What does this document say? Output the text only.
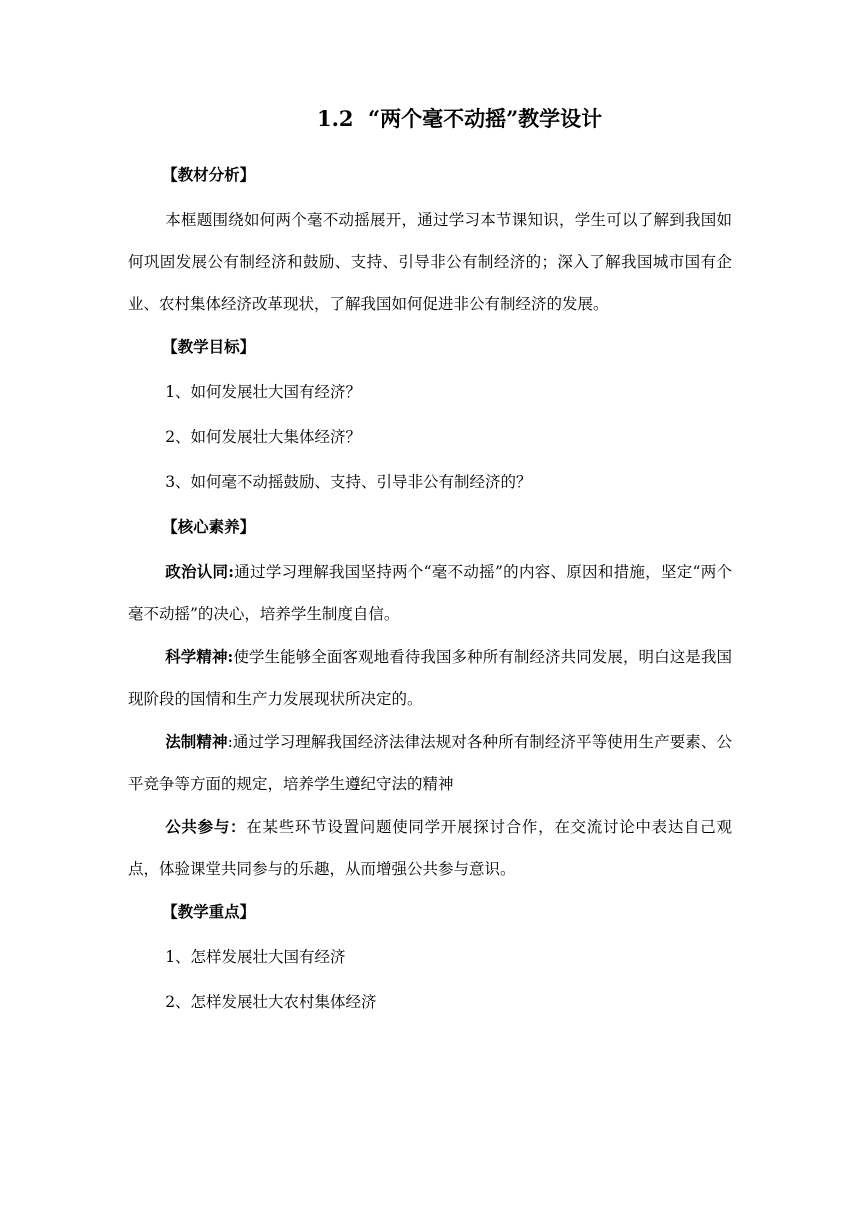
1.2 “两个毫不动摇”教学设计

【教材分析】

本框题围绕如何两个毫不动摇展开，通过学习本节课知识，学生可以了解到我国如何巩固发展公有制经济和鼓励、支持、引导非公有制经济的；深入了解我国城市国有企业、农村集体经济改革现状，了解我国如何促进非公有制经济的发展。

【教学目标】

1、如何发展壮大国有经济？

2、如何发展壮大集体经济？

3、如何毫不动摇鼓励、支持、引导非公有制经济的？

【核心素养】

政治认同:通过学习理解我国坚持两个“毫不动摇”的内容、原因和措施，坚定“两个毫不动摇”的决心，培养学生制度自信。

科学精神:使学生能够全面客观地看待我国多种所有制经济共同发展，明白这是我国现阶段的国情和生产力发展现状所决定的。

法制精神:通过学习理解我国经济法律法规对各种所有制经济平等使用生产要素、公平竞争等方面的规定，培养学生遵纪守法的精神

公共参与：在某些环节设置问题使同学开展探讨合作，在交流讨论中表达自己观点，体验课堂共同参与的乐趣，从而增强公共参与意识。

【教学重点】

1、怎样发展壮大国有经济

2、怎样发展壮大农村集体经济
